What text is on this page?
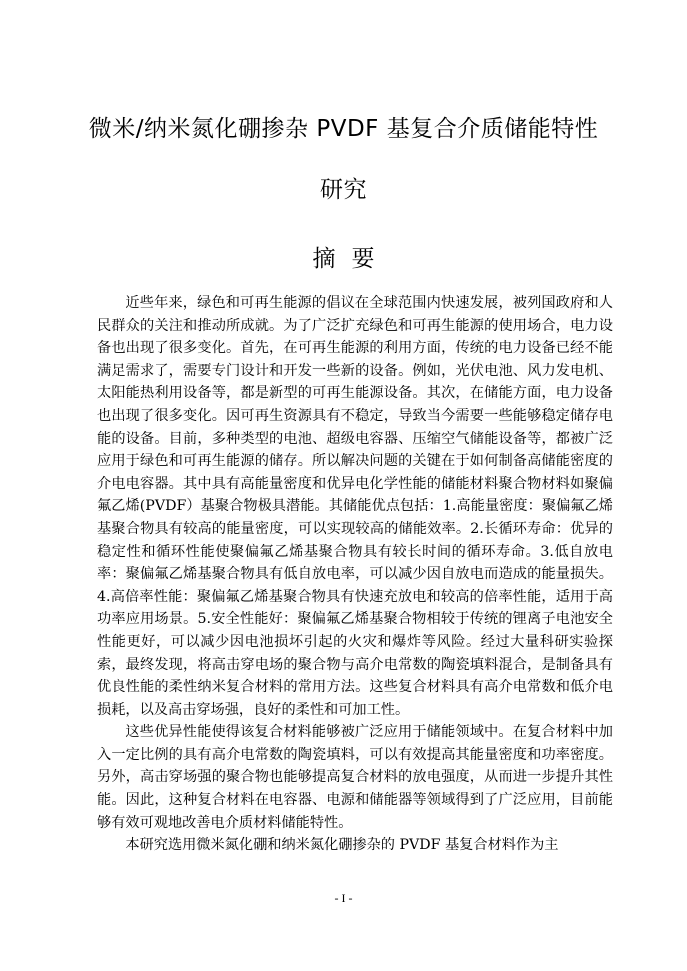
微米/纳米氮化硼掺杂 PVDF 基复合介质储能特性
研究
摘要

近些年来，绿色和可再生能源的倡议在全球范围内快速发展，被列国政府和人民群众的关注和推动所成就。为了广泛扩充绿色和可再生能源的使用场合，电力设备也出现了很多变化。首先，在可再生能源的利用方面，传统的电力设备已经不能满足需求了，需要专门设计和开发一些新的设备。例如，光伏电池、风力发电机、太阳能热利用设备等，都是新型的可再生能源设备。其次，在储能方面，电力设备也出现了很多变化。因可再生资源具有不稳定，导致当今需要一些能够稳定储存电能的设备。目前，多种类型的电池、超级电容器、压缩空气储能设备等，都被广泛应用于绿色和可再生能源的储存。所以解决问题的关键在于如何制备高储能密度的介电电容器。其中具有高能量密度和优异电化学性能的储能材料聚合物材料如聚偏氟乙烯(PVDF）基聚合物极具潜能。其储能优点包括：1.高能量密度：聚偏氟乙烯基聚合物具有较高的能量密度，可以实现较高的储能效率。2.长循环寿命：优异的稳定性和循环性能使聚偏氟乙烯基聚合物具有较长时间的循环寿命。3.低自放电率：聚偏氟乙烯基聚合物具有低自放电率，可以减少因自放电而造成的能量损失。4.高倍率性能：聚偏氟乙烯基聚合物具有快速充放电和较高的倍率性能，适用于高功率应用场景。5.安全性能好：聚偏氟乙烯基聚合物相较于传统的锂离子电池安全性能更好，可以减少因电池损坏引起的火灾和爆炸等风险。经过大量科研实验探索，最终发现，将高击穿电场的聚合物与高介电常数的陶瓷填料混合，是制备具有优良性能的柔性纳米复合材料的常用方法。这些复合材料具有高介电常数和低介电损耗，以及高击穿场强，良好的柔性和可加工性。

这些优异性能使得该复合材料能够被广泛应用于储能领域中。在复合材料中加入一定比例的具有高介电常数的陶瓷填料，可以有效提高其能量密度和功率密度。另外，高击穿场强的聚合物也能够提高复合材料的放电强度，从而进一步提升其性能。因此，这种复合材料在电容器、电源和储能器等领域得到了广泛应用，目前能够有效可观地改善电介质材料储能特性。

本研究选用微米氮化硼和纳米氮化硼掺杂的 PVDF 基复合材料作为主

- I -
